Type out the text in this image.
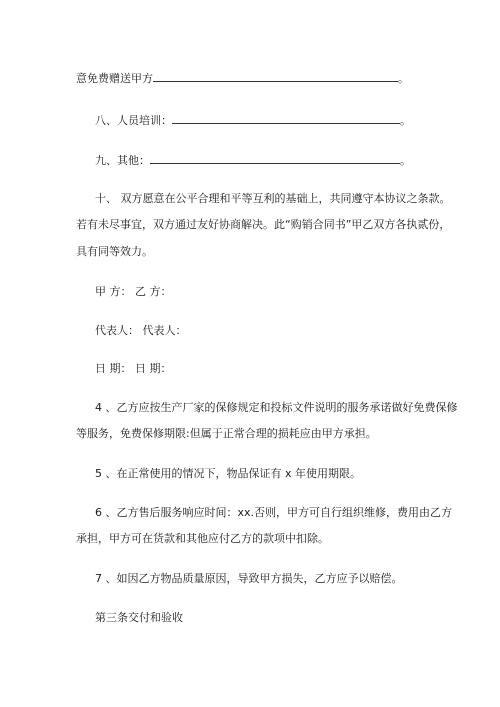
意免费赠送甲方	。
八、人员培训：	。
九、其他：	。
十、 双方愿意在公平合理和平等互利的基础上，共同遵守本协议之条款。
若有未尽事宜，双方通过友好协商解决。此“购销合同书”甲乙双方各执贰份，
具有同等效力。
甲 方： 乙 方：
代表人： 代表人：
日 期： 日 期：
4 、乙方应按生产厂家的保修规定和投标文件说明的服务承诺做好免费保修
等服务，免费保修期限:但属于正常合理的损耗应由甲方承担。
5 、在正常使用的情况下，物品保证有 x 年使用期限。
6 、乙方售后服务响应时间：xx.否则，甲方可自行组织维修，费用由乙方
承担，甲方可在货款和其他应付乙方的款项中扣除。
7 、如因乙方物品质量原因，导致甲方损失，乙方应予以赔偿。
第三条交付和验收
